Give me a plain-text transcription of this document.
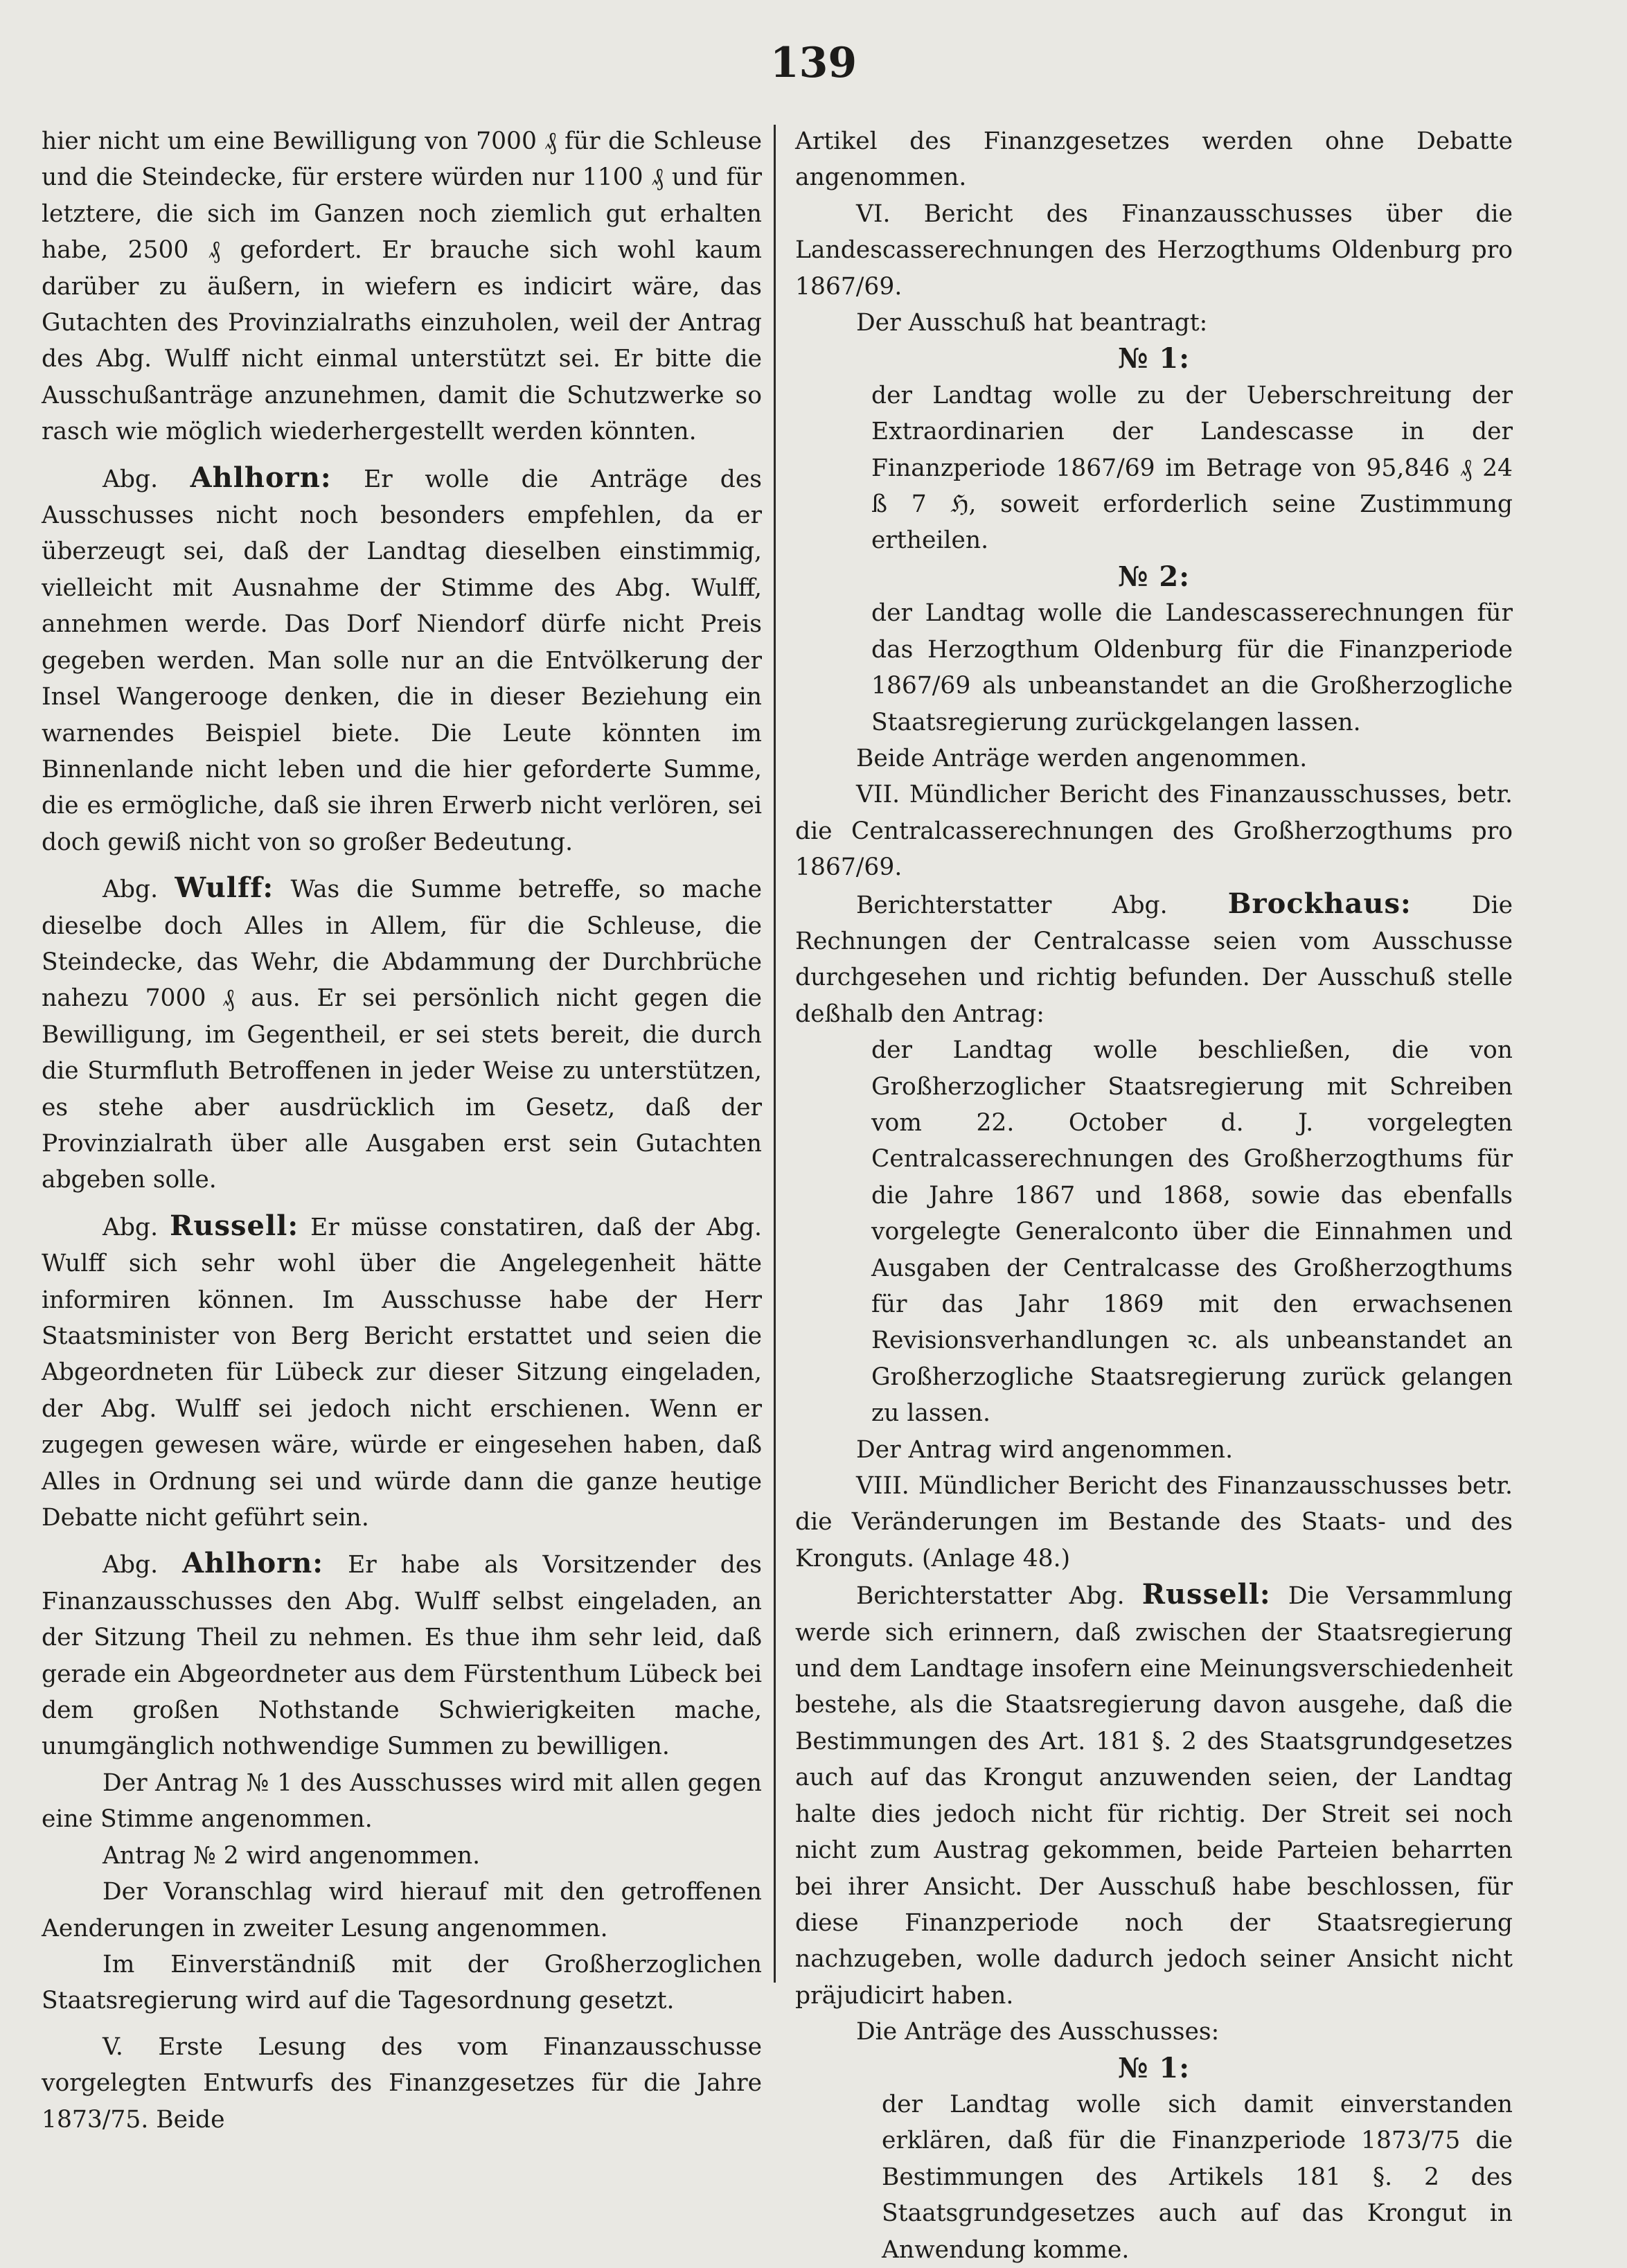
139

hier nicht um eine Bewilligung von 7000 ₰ für die Schleuse und die Steindecke, für erstere würden nur 1100 ₰ und für letztere, die sich im Ganzen noch ziemlich gut erhalten habe, 2500 ₰ gefordert. Er brauche sich wohl kaum darüber zu äußern, in wiefern es indicirt wäre, das Gutachten des Provinzialraths einzuholen, weil der Antrag des Abg. Wulff nicht einmal unterstützt sei. Er bitte die Ausschußanträge anzunehmen, damit die Schutzwerke so rasch wie möglich wiederhergestellt werden könnten.

Abg. Ahlhorn: Er wolle die Anträge des Ausschusses nicht noch besonders empfehlen, da er überzeugt sei, daß der Landtag dieselben einstimmig, vielleicht mit Ausnahme der Stimme des Abg. Wulff, annehmen werde. Das Dorf Niendorf dürfe nicht Preis gegeben werden. Man solle nur an die Entvölkerung der Insel Wangerooge denken, die in dieser Beziehung ein warnendes Beispiel biete. Die Leute könnten im Binnenlande nicht leben und die hier geforderte Summe, die es ermögliche, daß sie ihren Erwerb nicht verlören, sei doch gewiß nicht von so großer Bedeutung.

Abg. Wulff: Was die Summe betreffe, so mache dieselbe doch Alles in Allem, für die Schleuse, die Steindecke, das Wehr, die Abdammung der Durchbrüche nahezu 7000 ₰ aus. Er sei persönlich nicht gegen die Bewilligung, im Gegentheil, er sei stets bereit, die durch die Sturmfluth Betroffenen in jeder Weise zu unterstützen, es stehe aber ausdrücklich im Gesetz, daß der Provinzialrath über alle Ausgaben erst sein Gutachten abgeben solle.

Abg. Russell: Er müsse constatiren, daß der Abg. Wulff sich sehr wohl über die Angelegenheit hätte informiren können. Im Ausschusse habe der Herr Staatsminister von Berg Bericht erstattet und seien die Abgeordneten für Lübeck zur dieser Sitzung eingeladen, der Abg. Wulff sei jedoch nicht erschienen. Wenn er zugegen gewesen wäre, würde er eingesehen haben, daß Alles in Ordnung sei und würde dann die ganze heutige Debatte nicht geführt sein.

Abg. Ahlhorn: Er habe als Vorsitzender des Finanzausschusses den Abg. Wulff selbst eingeladen, an der Sitzung Theil zu nehmen. Es thue ihm sehr leid, daß gerade ein Abgeordneter aus dem Fürstenthum Lübeck bei dem großen Nothstande Schwierigkeiten mache, unumgänglich nothwendige Summen zu bewilligen.

Der Antrag № 1 des Ausschusses wird mit allen gegen eine Stimme angenommen.

Antrag № 2 wird angenommen.

Der Voranschlag wird hierauf mit den getroffenen Aenderungen in zweiter Lesung angenommen.

Im Einverständniß mit der Großherzoglichen Staatsregierung wird auf die Tagesordnung gesetzt.

V. Erste Lesung des vom Finanzausschusse vorgelegten Entwurfs des Finanzgesetzes für die Jahre 1873/75. Beide

Artikel des Finanzgesetzes werden ohne Debatte angenommen.

VI. Bericht des Finanzausschusses über die Landescasserechnungen des Herzogthums Oldenburg pro 1867/69.

Der Ausschuß hat beantragt:

№ 1:

der Landtag wolle zu der Ueberschreitung der Extraordinarien der Landescasse in der Finanzperiode 1867/69 im Betrage von 95,846 ₰ 24 ß 7 ℌ, soweit erforderlich seine Zustimmung ertheilen.

№ 2:

der Landtag wolle die Landescasserechnungen für das Herzogthum Oldenburg für die Finanzperiode 1867/69 als unbeanstandet an die Großherzogliche Staatsregierung zurückgelangen lassen.

Beide Anträge werden angenommen.

VII. Mündlicher Bericht des Finanzausschusses, betr. die Centralcasserechnungen des Großherzogthums pro 1867/69.

Berichterstatter Abg. Brockhaus:	Die Rechnungen der Centralcasse seien vom Ausschusse durchgesehen und richtig befunden. Der Ausschuß stelle deßhalb den Antrag:

der Landtag wolle beschließen, die von Großherzoglicher Staatsregierung mit Schreiben vom 22. October d. J. vorgelegten Centralcasserechnungen des Großherzogthums für die Jahre 1867 und 1868, sowie das ebenfalls vorgelegte Generalconto über die Einnahmen und Ausgaben der Centralcasse des Großherzogthums für das Jahr 1869 mit den erwachsenen Revisionsverhandlungen ꝛc. als unbeanstandet an Großherzogliche Staatsregierung zurück gelangen zu lassen.

Der Antrag wird angenommen.

VIII. Mündlicher Bericht des Finanzausschusses betr. die Veränderungen im Bestande des Staats- und des Kronguts. (Anlage 48.)

Berichterstatter Abg. Russell: Die Versammlung werde sich erinnern, daß zwischen der Staatsregierung und dem Landtage insofern eine Meinungsverschiedenheit bestehe, als die Staatsregierung davon ausgehe, daß die Bestimmungen des Art. 181 §. 2 des Staatsgrundgesetzes auch auf das Krongut anzuwenden seien, der Landtag halte dies jedoch nicht für richtig. Der Streit sei noch nicht zum Austrag gekommen, beide Parteien beharrten bei ihrer Ansicht. Der Ausschuß habe beschlossen, für diese Finanzperiode noch der Staatsregierung nachzugeben, wolle dadurch jedoch seiner Ansicht nicht präjudicirt haben.

Die Anträge des Ausschusses:

№ 1:

der Landtag wolle sich damit einverstanden erklären, daß für die Finanzperiode 1873/75 die Bestimmungen des Artikels 181 §. 2 des Staatsgrundgesetzes auch auf das Krongut in Anwendung komme.
